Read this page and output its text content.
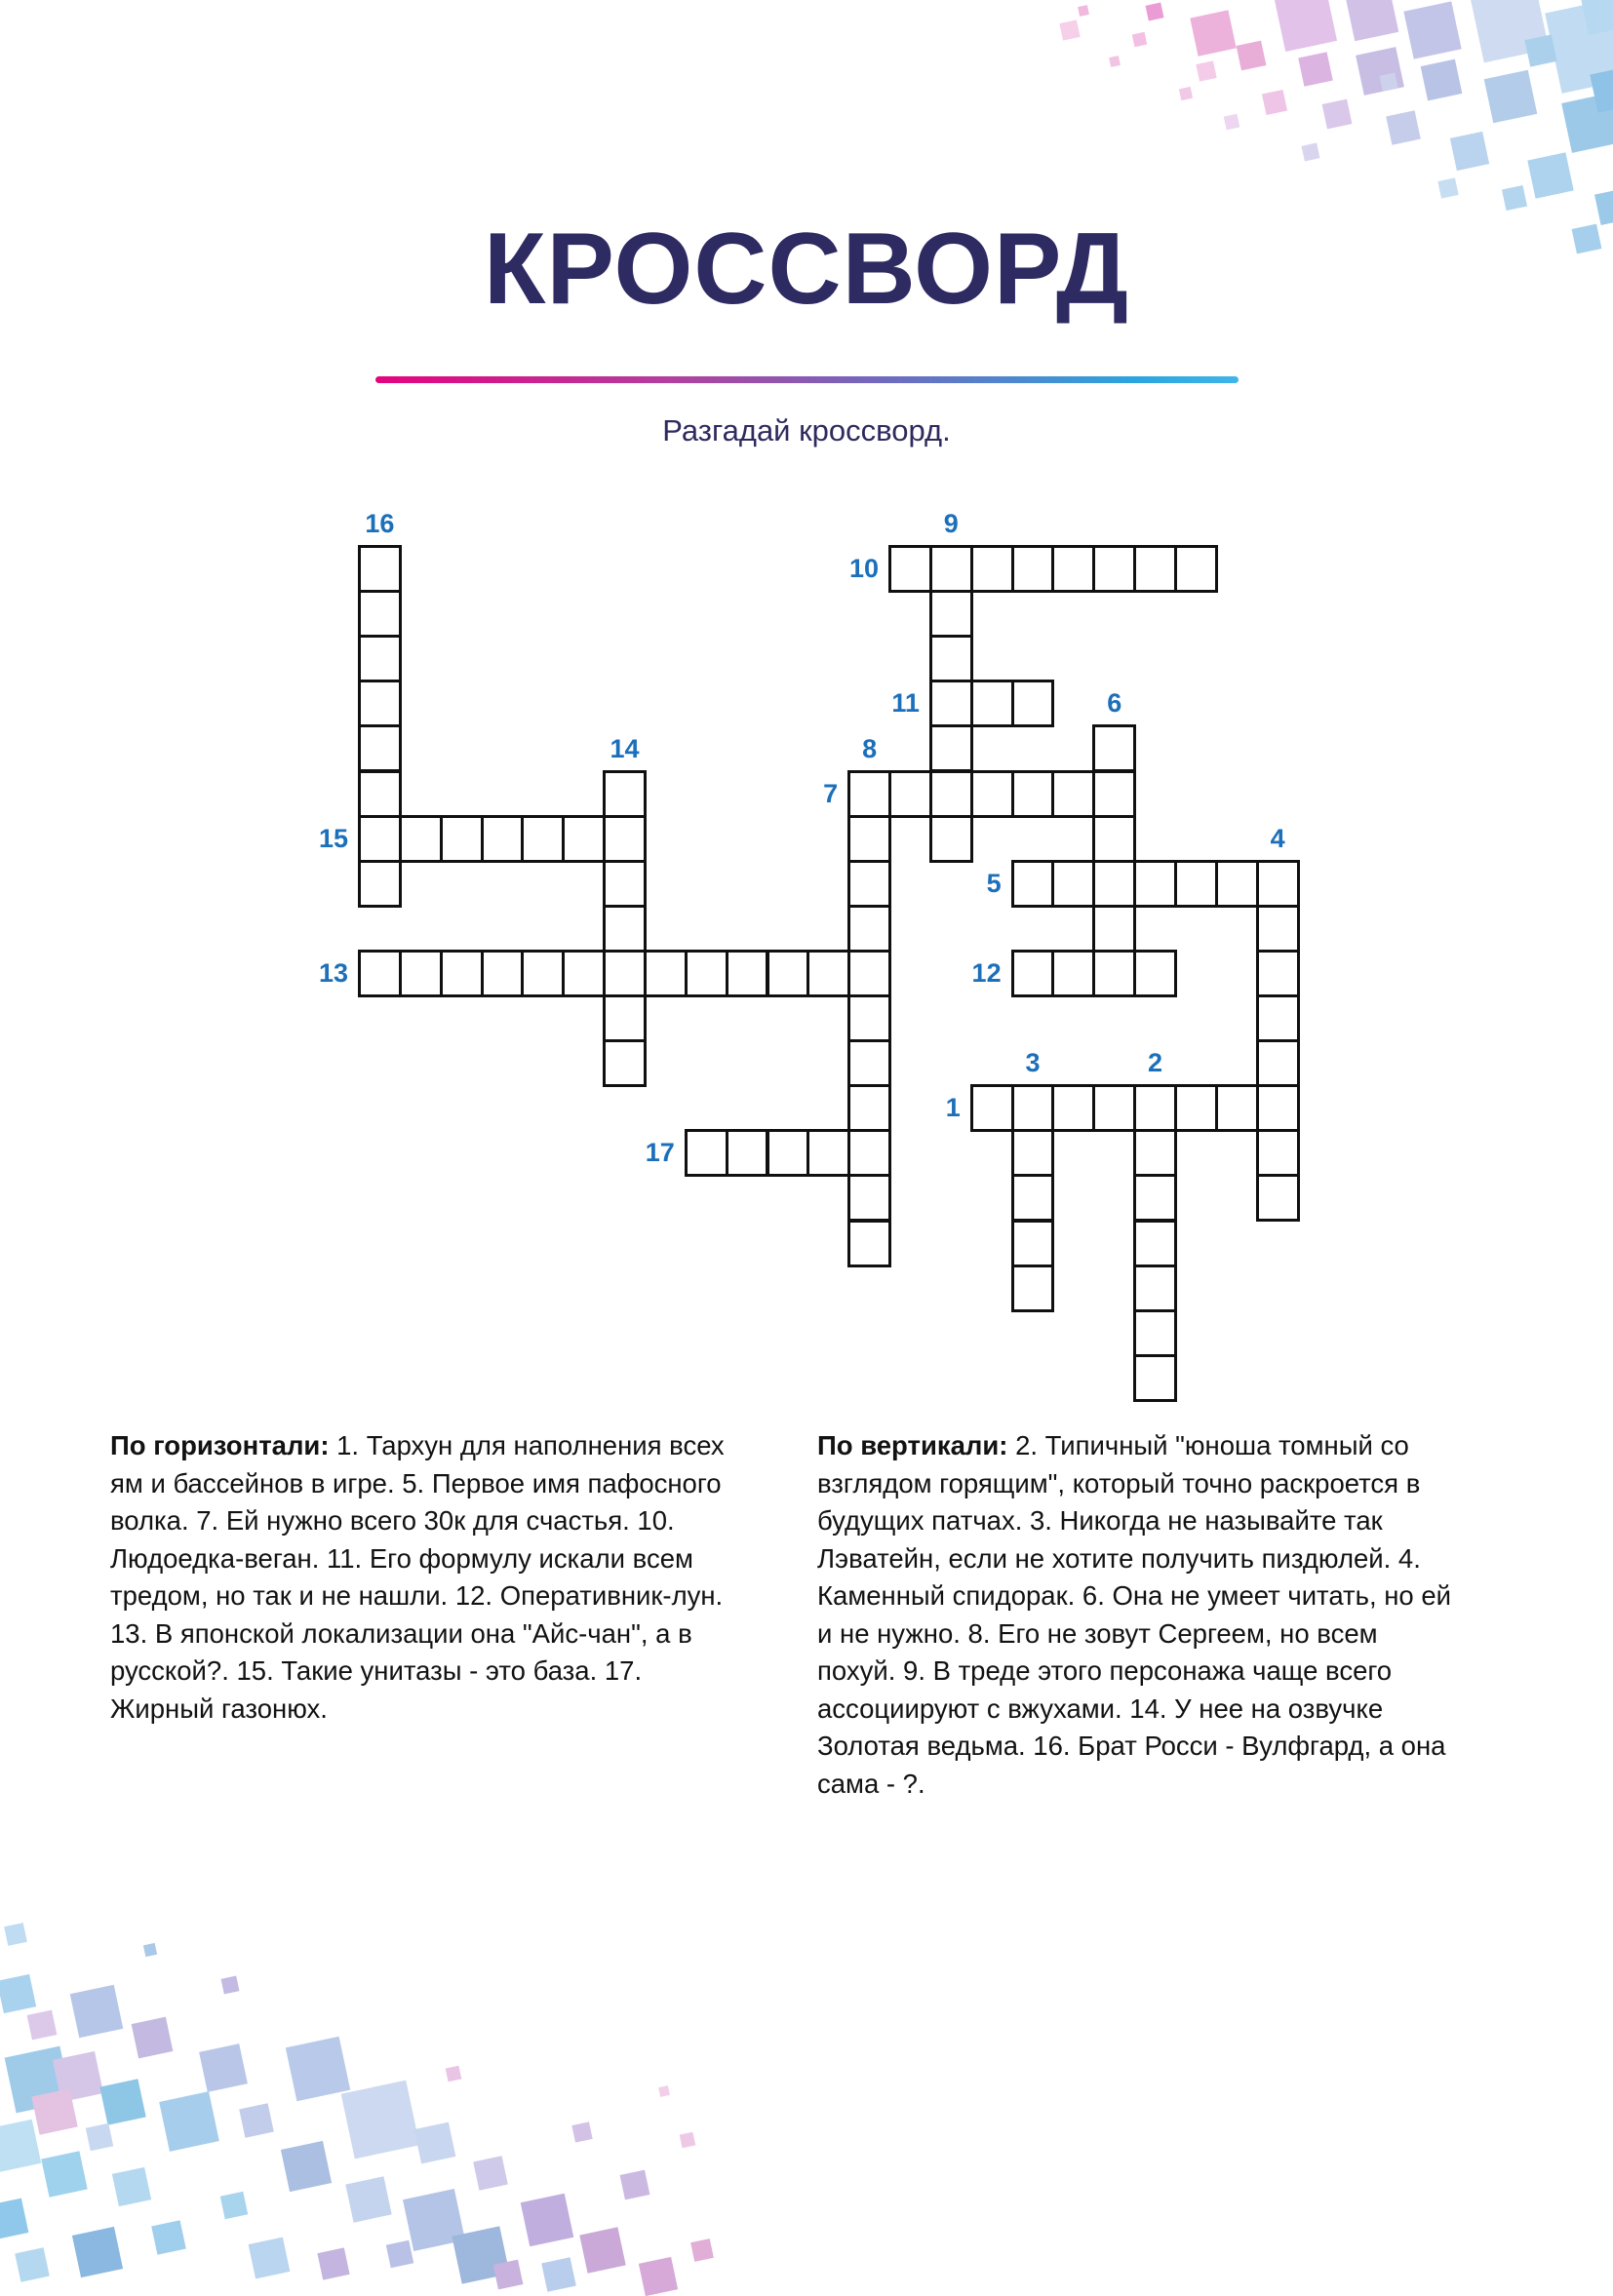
КРОССВОРД
Разгадай кроссворд.
1
5
7
10
11
12
13
15
17
2
3
4
6
8
9
14
16
По горизонтали: 1. Тархун для наполнения всех ям и бассейнов в игре. 5. Первое имя пафосного волка. 7. Ей нужно всего 30к для счастья. 10. Людоедка-веган. 11. Его формулу искали всем тредом, но так и не нашли. 12. Оперативник-лун. 13. В японской локализации она "Айс-чан", а в русской?. 15. Такие унитазы - это база. 17. Жирный газонюх.
По вертикали: 2. Типичный "юноша томный со взглядом горящим", который точно раскроется в будущих патчах. 3. Никогда не называйте так Лэватейн, если не хотите получить пиздюлей. 4. Каменный спидорак. 6. Она не умеет читать, но ей и не нужно. 8. Его не зовут Сергеем, но всем похуй. 9. В треде этого персонажа чаще всего ассоциируют с вжухами. 14. У нее на озвучке Золотая ведьма. 16. Брат Росси - Вулфгард, а она сама - ?.
